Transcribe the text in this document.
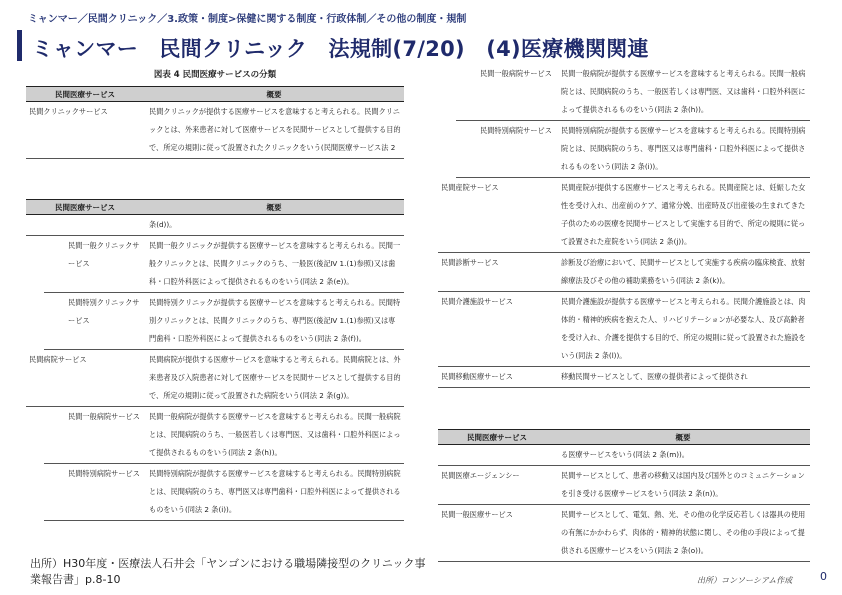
ミャンマー／民間クリニック／3.政策・制度>保健に関する制度・行政体制／その他の制度・規制
ミャンマー　民間クリニック　法規制(7/20)　(4)医療機関関連
図表 4 民間医療サービスの分類
民間医療サービス	概要
民間クリニックサービス	民間クリニックが提供する医療サービスを意味すると考えられる。民間クリニックとは、外来患者に対して医療サービスを民間サービスとして提供する目的で、所定の規則に従って設置されたクリニックをいう(民間医療サービス法 2
民間医療サービス		概要
		条(d))。
	民間一般クリニックサービス	民間一般クリニックが提供する医療サービスを意味すると考えられる。民間一般クリニックとは、民間クリニックのうち、一般医(後記Ⅳ 1.(1)参照)又は歯科・口腔外科医によって提供されるものをいう(同法 2 条(e))。
	民間特別クリニックサービス	民間特別クリニックが提供する医療サービスを意味すると考えられる。民間特別クリニックとは、民間クリニックのうち、専門医(後記Ⅳ 1.(1)参照)又は専門歯科・口腔外科医によって提供されるものをいう(同法 2 条(f))。
民間病院サービス		民間病院が提供する医療サービスを意味すると考えられる。民間病院とは、外来患者及び入院患者に対して医療サービスを民間サービスとして提供する目的で、所定の規則に従って設置された病院をいう(同法 2 条(g))。
	民間一般病院サービス	民間一般病院が提供する医療サービスを意味すると考えられる。民間一般病院とは、民間病院のうち、一般医若しくは専門医、又は歯科・口腔外科医によって提供されるものをいう(同法 2 条(h))。
	民間特別病院サービス	民間特別病院が提供する医療サービスを意味すると考えられる。民間特別病院とは、民間病院のうち、専門医又は専門歯科・口腔外科医によって提供されるものをいう(同法 2 条(i))。
	民間一般病院サービス	民間一般病院が提供する医療サービスを意味すると考えられる。民間一般病院とは、民間病院のうち、一般医若しくは専門医、又は歯科・口腔外科医によって提供されるものをいう(同法 2 条(h))。
	民間特別病院サービス	民間特別病院が提供する医療サービスを意味すると考えられる。民間特別病院とは、民間病院のうち、専門医又は専門歯科・口腔外科医によって提供されるものをいう(同法 2 条(i))。
民間産院サービス		民間産院が提供する医療サービスと考えられる。民間産院とは、妊娠した女性を受け入れ、出産前のケア、通常分娩、出産時及び出産後の生まれてきた子供のための医療を民間サービスとして実施する目的で、所定の規則に従って設置された産院をいう(同法 2 条(j))。
民間診断サービス		診断及び治療において、民間サービスとして実施する疾病の臨床検査、放射線療法及びその他の補助業務をいう(同法 2 条(k))。
民間介護施設サービス		民間介護施設が提供する医療サービスと考えられる。民間介護施設とは、肉体的・精神的疾病を抱えた人、リハビリテーションが必要な人、及び高齢者を受け入れ、介護を提供する目的で、所定の規則に従って設置された施設をいう(同法 2 条(l))。
民間移動医療サービス		移動民間サービスとして、医療の提供者によって提供され
民間医療サービス	概要
	る医療サービスをいう(同法 2 条(m))。
民間医療エージェンシー	民間サービスとして、患者の移動又は国内及び国外とのコミュニケーションを引き受ける医療サービスをいう(同法 2 条(n))。
民間一般医療サービス	民間サービスとして、電気、熱、光、その他の化学反応若しくは器具の使用の有無にかかわらず、肉体的・精神的状態に関し、その他の手段によって提供される医療サービスをいう(同法 2 条(o))。
出所）H30年度・医療法人石井会「ヤンゴンにおける職場隣接型のクリニック事業報告書」p.8-10	出所）コンソーシアム作成	0
